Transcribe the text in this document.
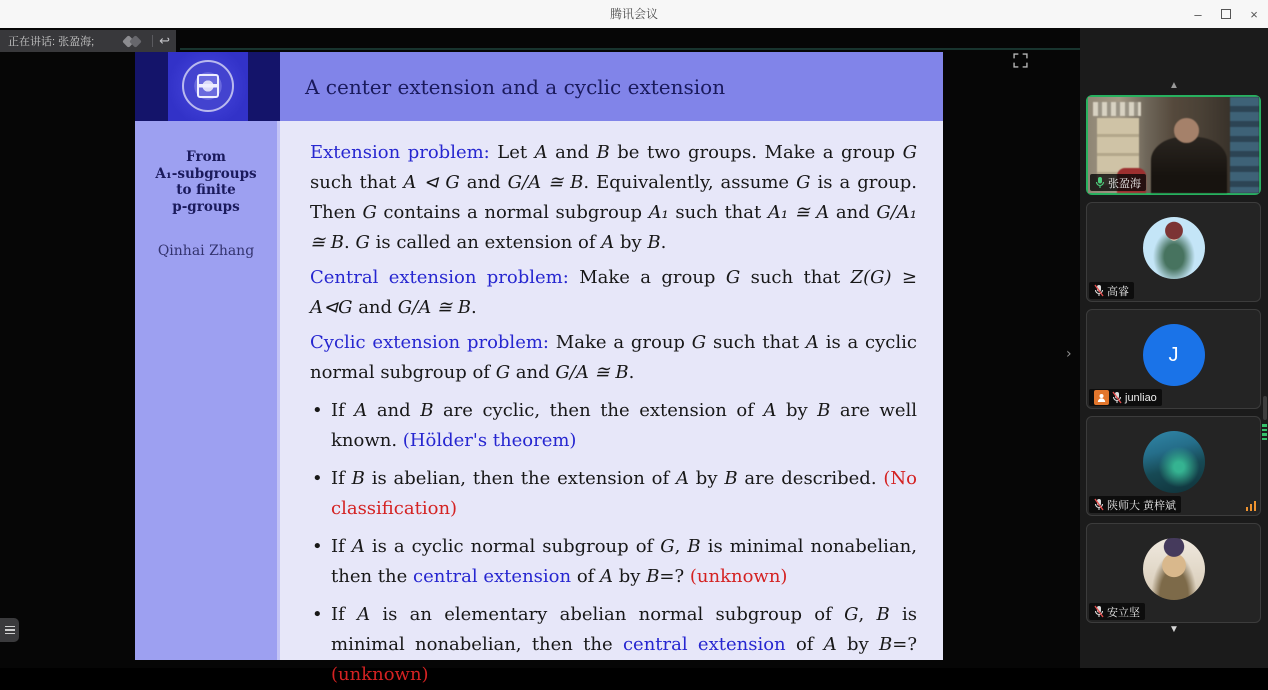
腾讯会议	–	×
正在讲话: 张盈海;	↩
A center extension and a cyclic extension
From
A₁-subgroups
to finite
p-groups
Qinhai Zhang
Extension problem: Let A and B be two groups. Make a group G such that A ⊲ G and G/A ≅ B. Equivalently, assume G is a group. Then G contains a normal subgroup A₁ such that A₁ ≅ A and G/A₁ ≅ B. G is called an extension of A by B.
Central extension problem: Make a group G such that Z(G) ≥ A⊲G and G/A ≅ B.
Cyclic extension problem: Make a group G such that A is a cyclic normal subgroup of G and G/A ≅ B.
• If A and B are cyclic, then the extension of A by B are well known. (Hölder's theorem)
• If B is abelian, then the extension of A by B are described. (No classification)
• If A is a cyclic normal subgroup of G, B is minimal nonabelian, then the central extension of A by B=? (unknown)
• If A is an elementary abelian normal subgroup of G, B is minimal nonabelian, then the central extension of A by B=? (unknown)
›
▲
张盈海
高睿
J
junliao
陕师大 黄梓斌
安立坚
▼
